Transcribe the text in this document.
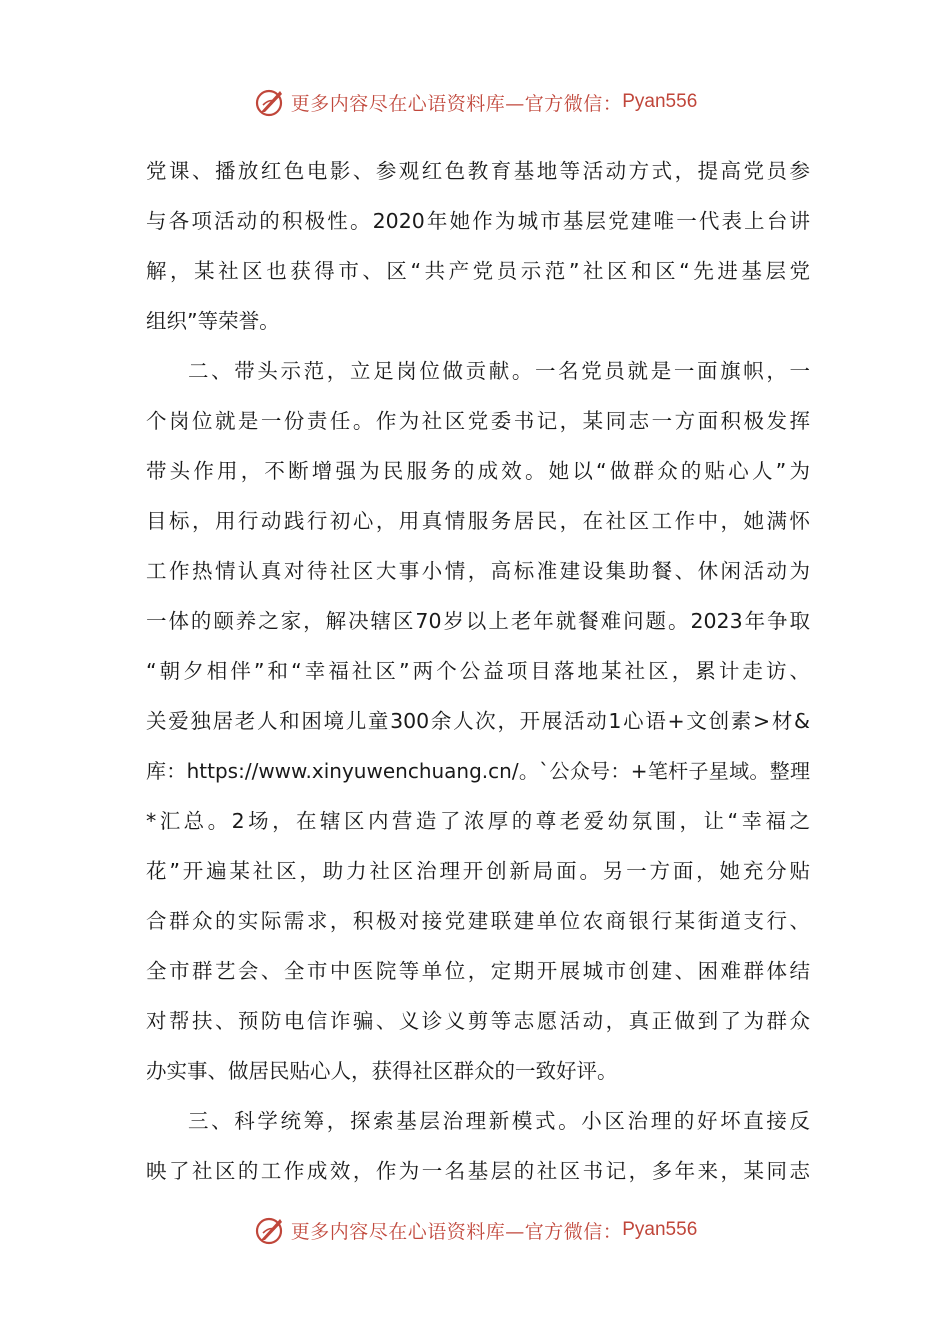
更多内容尽在心语资料库—官方微信： Pyan556
党课、播放红色电影、参观红色教育基地等活动方式，提高党员参
与各项活动的积极性。2020年她作为城市基层党建唯一代表上台讲
解，某社区也获得市、区“共产党员示范”社区和区“先进基层党
组织”等荣誉。
二、带头示范，立足岗位做贡献。一名党员就是一面旗帜，一
个岗位就是一份责任。作为社区党委书记，某同志一方面积极发挥
带头作用，不断增强为民服务的成效。她以“做群众的贴心人”为
目标，用行动践行初心，用真情服务居民，在社区工作中，她满怀
工作热情认真对待社区大事小情，高标准建设集助餐、休闲活动为
一体的颐养之家，解决辖区70岁以上老年就餐难问题。2023年争取
“朝夕相伴”和“幸福社区”两个公益项目落地某社区，累计走访、
关爱独居老人和困境儿童300余人次，开展活动1心语+文创素>材&
库：https://www.xinyuwenchuang.cn/。`公众号：+笔杆子星域。整理
*汇总。2场，在辖区内营造了浓厚的尊老爱幼氛围，让“幸福之
花”开遍某社区，助力社区治理开创新局面。另一方面，她充分贴
合群众的实际需求，积极对接党建联建单位农商银行某街道支行、
全市群艺会、全市中医院等单位，定期开展城市创建、困难群体结
对帮扶、预防电信诈骗、义诊义剪等志愿活动，真正做到了为群众
办实事、做居民贴心人，获得社区群众的一致好评。
三、科学统筹，探索基层治理新模式。小区治理的好坏直接反
映了社区的工作成效，作为一名基层的社区书记，多年来，某同志
更多内容尽在心语资料库—官方微信： Pyan556
